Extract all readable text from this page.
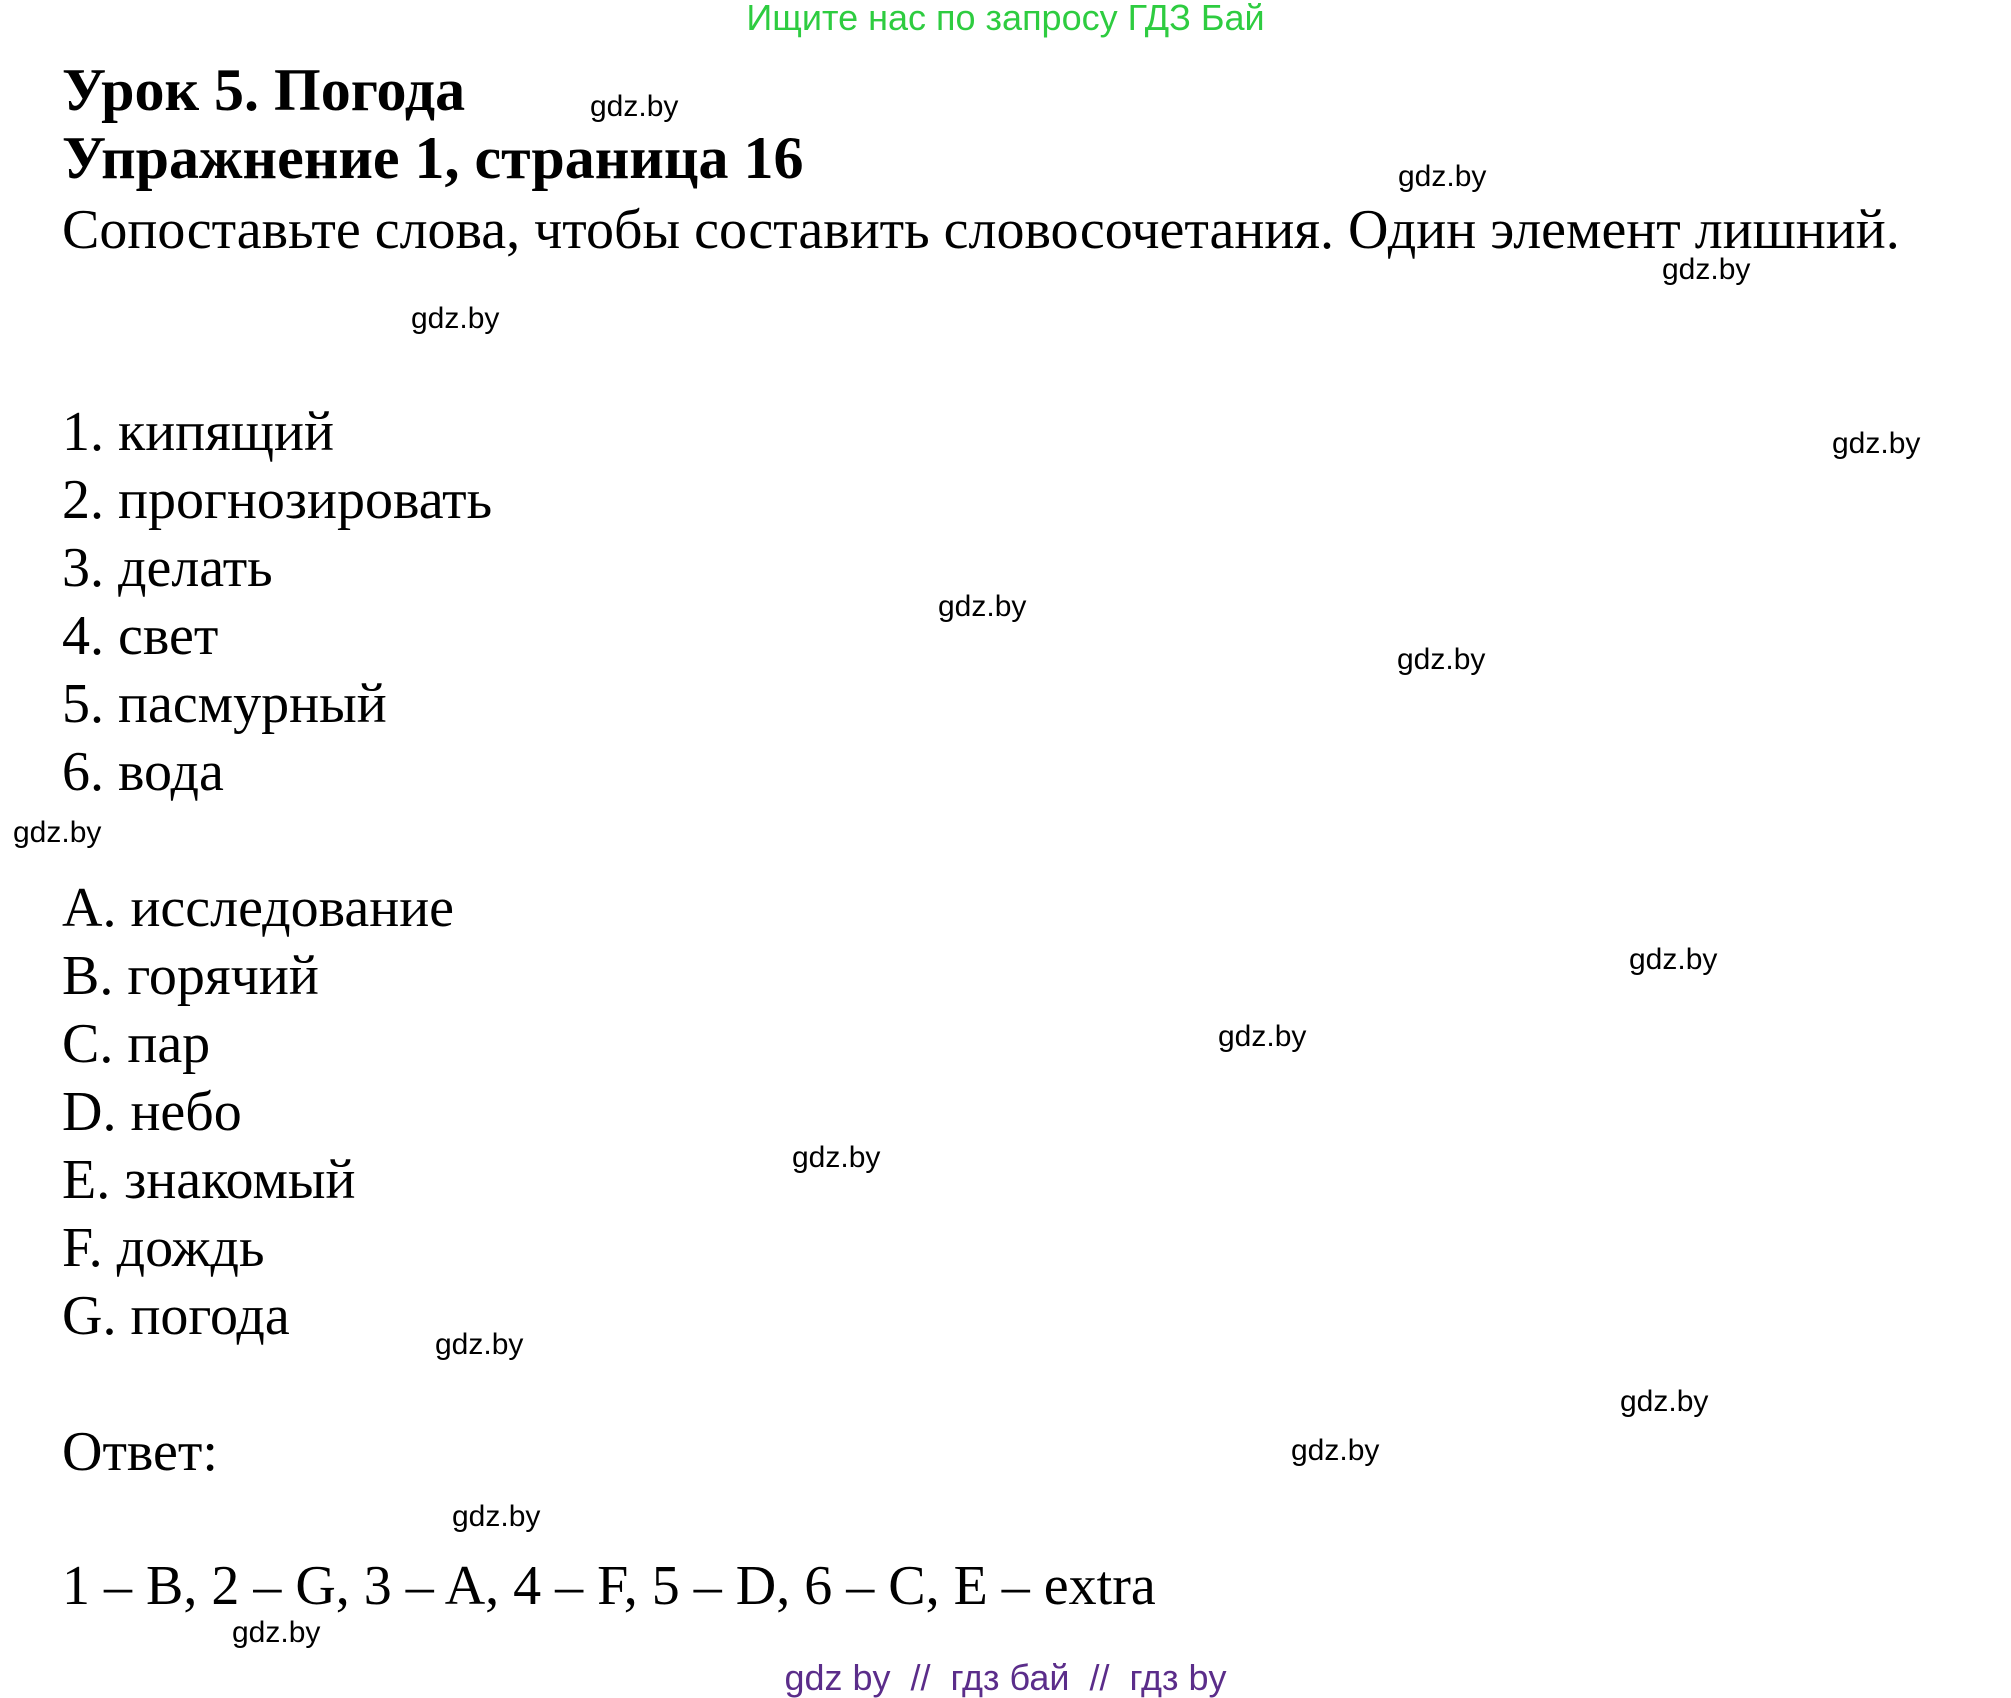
Ищите нас по запросу ГДЗ Бай
Урок 5. Погода
Упражнение 1, страница 16
Сопоставьте слова, чтобы составить словосочетания. Один элемент лишний.
1. кипящий
2. прогнозировать
3. делать
4. свет
5. пасмурный
6. вода
A. исследование
B. горячий
C. пар
D. небо
E. знакомый
F. дождь
G. погода
Ответ:
1 – B, 2 – G, 3 – A, 4 – F, 5 – D, 6 – C, E – extra
gdz.by
gdz.by
gdz.by
gdz.by
gdz.by
gdz.by
gdz.by
gdz.by
gdz.by
gdz.by
gdz.by
gdz.by
gdz.by
gdz.by
gdz.by
gdz.by
gdz by  //  гдз бай  //  гдз by
